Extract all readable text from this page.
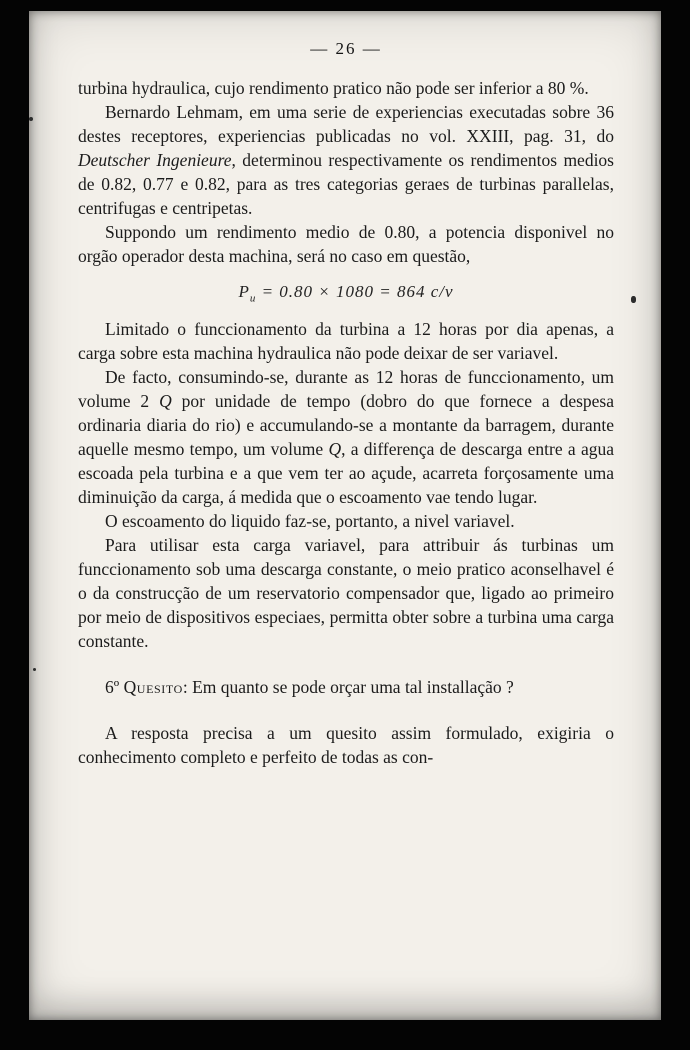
— 26 —

turbina hydraulica, cujo rendimento pratico não pode ser inferior a 80 %.

Bernardo Lehmam, em uma serie de experiencias executadas sobre 36 destes receptores, experiencias publicadas no vol. XXIII, pag. 31, do Deutscher Ingenieure, determinou respectivamente os rendimentos medios de 0.82, 0.77 e 0.82, para as tres categorias geraes de turbinas parallelas, centrifugas e centripetas.

Suppondo um rendimento medio de 0.80, a potencia disponivel no orgão operador desta machina, será no caso em questão,

$P_u = 0.80 \times 1080 = 864$ c/v

Limitado o funccionamento da turbina a 12 horas por dia apenas, a carga sobre esta machina hydraulica não pode deixar de ser variavel.

De facto, consumindo-se, durante as 12 horas de funccionamento, um volume 2 Q por unidade de tempo (dobro do que fornece a despesa ordinaria diaria do rio) e accumulando-se a montante da barragem, durante aquelle mesmo tempo, um volume Q, a differença de descarga entre a agua escoada pela turbina e a que vem ter ao açude, acarreta forçosamente uma diminuição da carga, á medida que o escoamento vae tendo lugar.

O escoamento do liquido faz-se, portanto, a nivel variavel.

Para utilisar esta carga variavel, para attribuir ás turbinas um funccionamento sob uma descarga constante, o meio pratico aconselhavel é o da construcção de um reservatorio compensador que, ligado ao primeiro por meio de dispositivos especiaes, permitta obter sobre a turbina uma carga constante.

6º Quesito: Em quanto se pode orçar uma tal installação ?

A resposta precisa a um quesito assim formulado, exigiria o conhecimento completo e perfeito de todas as con-
